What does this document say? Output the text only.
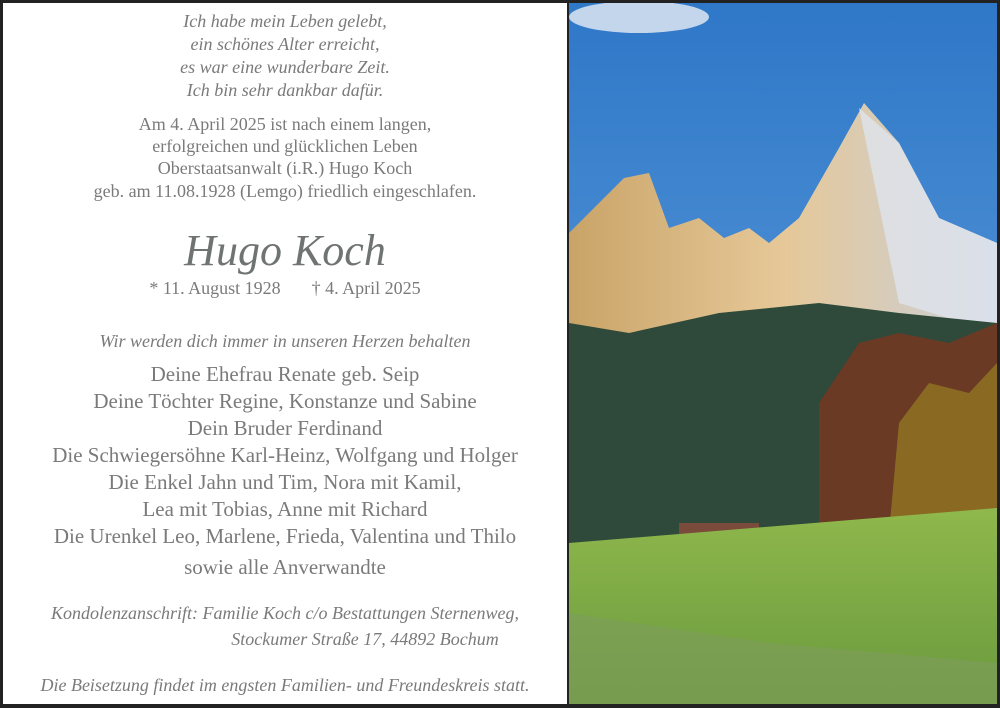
Ich habe mein Leben gelebt,
ein schönes Alter erreicht,
es war eine wunderbare Zeit.
Ich bin sehr dankbar dafür.
Am 4. April 2025 ist nach einem langen,
erfolgreichen und glücklichen Leben
Oberstaatsanwalt (i.R.) Hugo Koch
geb. am 11.08.1928 (Lemgo) friedlich eingeschlafen.
Hugo Koch
* 11. August 1928 † 4. April 2025
Wir werden dich immer in unseren Herzen behalten
Deine Ehefrau Renate geb. Seip
Deine Töchter Regine, Konstanze und Sabine
Dein Bruder Ferdinand
Die Schwiegersöhne Karl-Heinz, Wolfgang und Holger
Die Enkel Jahn und Tim, Nora mit Kamil,
Lea mit Tobias, Anne mit Richard
Die Urenkel Leo, Marlene, Frieda, Valentina und Thilo
sowie alle Anverwandte
Kondolenzanschrift: Familie Koch c/o Bestattungen Sternenweg,
Stockumer Straße 17, 44892 Bochum
Die Beisetzung findet im engsten Familien- und Freundeskreis statt.
